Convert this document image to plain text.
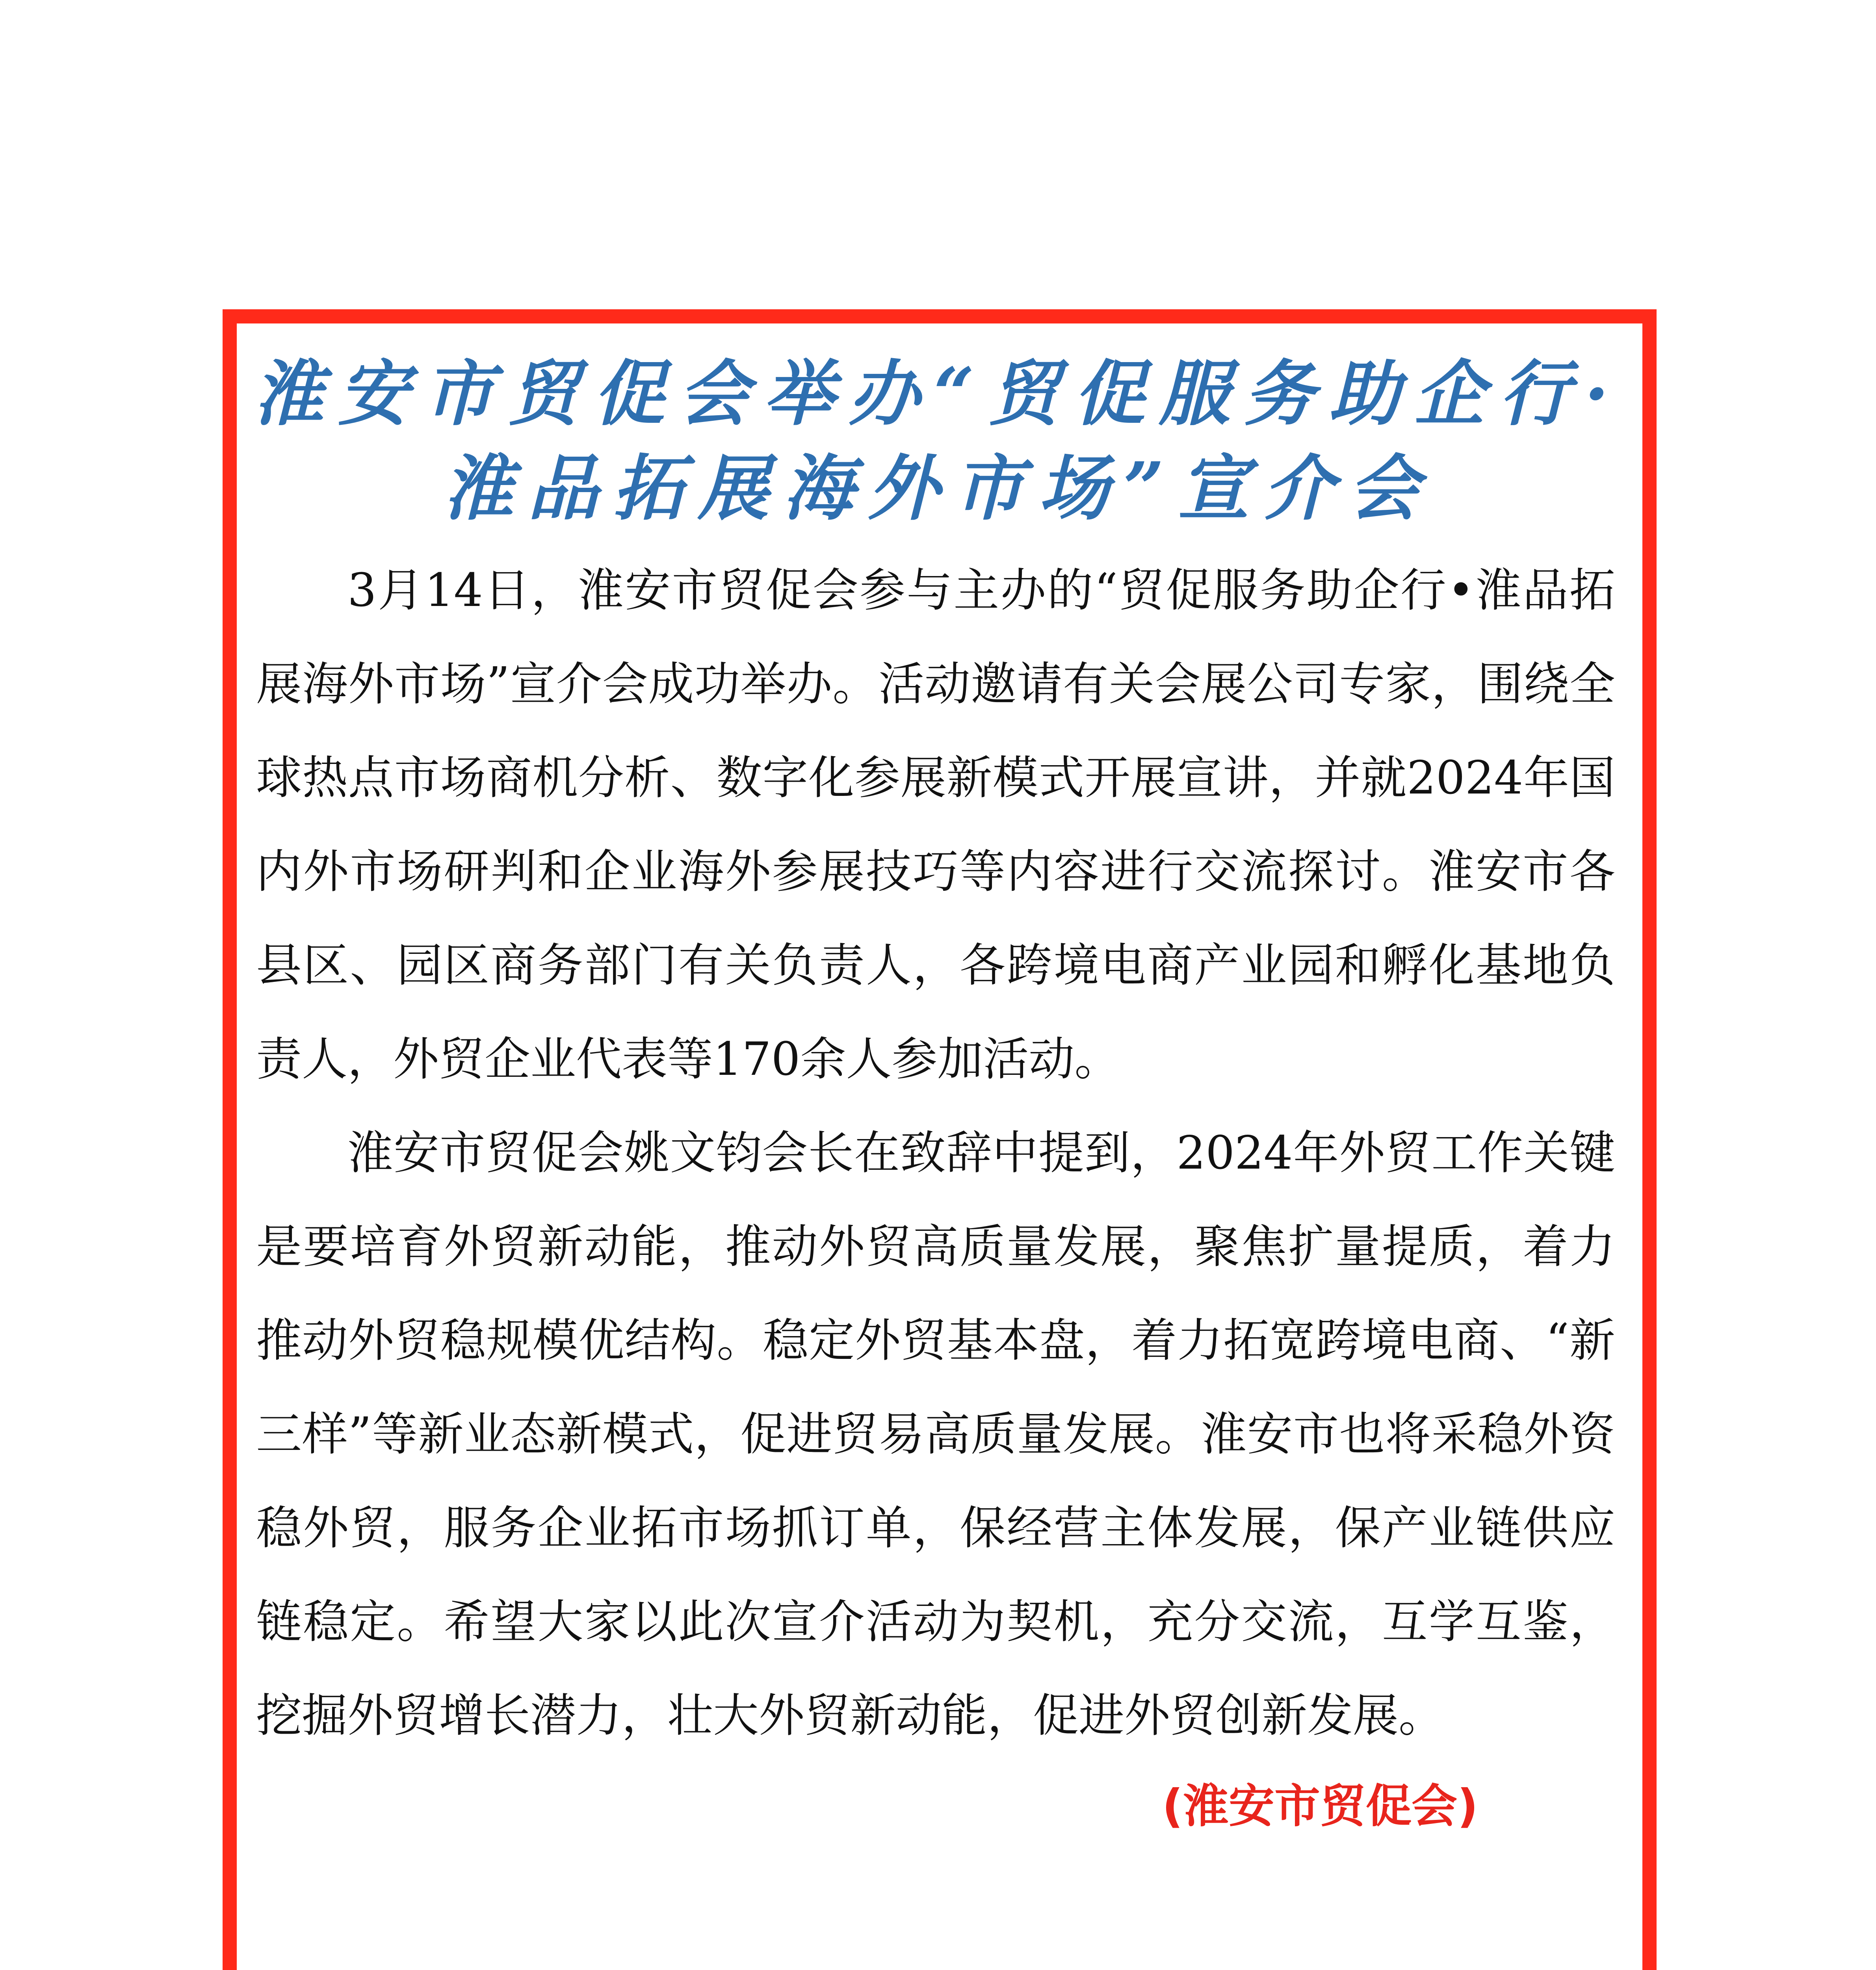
淮安市贸促会举办“贸促服务助企行·
淮品拓展海外市场”宣介会

3月14日，淮安市贸促会参与主办的“贸促服务助企行•淮品拓展海外市场”宣介会成功举办。活动邀请有关会展公司专家，围绕全球热点市场商机分析、数字化参展新模式开展宣讲，并就2024年国内外市场研判和企业海外参展技巧等内容进行交流探讨。淮安市各县区、园区商务部门有关负责人，各跨境电商产业园和孵化基地负责人，外贸企业代表等170余人参加活动。

淮安市贸促会姚文钧会长在致辞中提到，2024年外贸工作关键是要培育外贸新动能，推动外贸高质量发展，聚焦扩量提质，着力推动外贸稳规模优结构。稳定外贸基本盘，着力拓宽跨境电商、“新三样”等新业态新模式，促进贸易高质量发展。淮安市也将采稳外资稳外贸，服务企业拓市场抓订单，保经营主体发展，保产业链供应链稳定。希望大家以此次宣介活动为契机，充分交流，互学互鉴，挖掘外贸增长潜力，壮大外贸新动能，促进外贸创新发展。

(淮安市贸促会)
